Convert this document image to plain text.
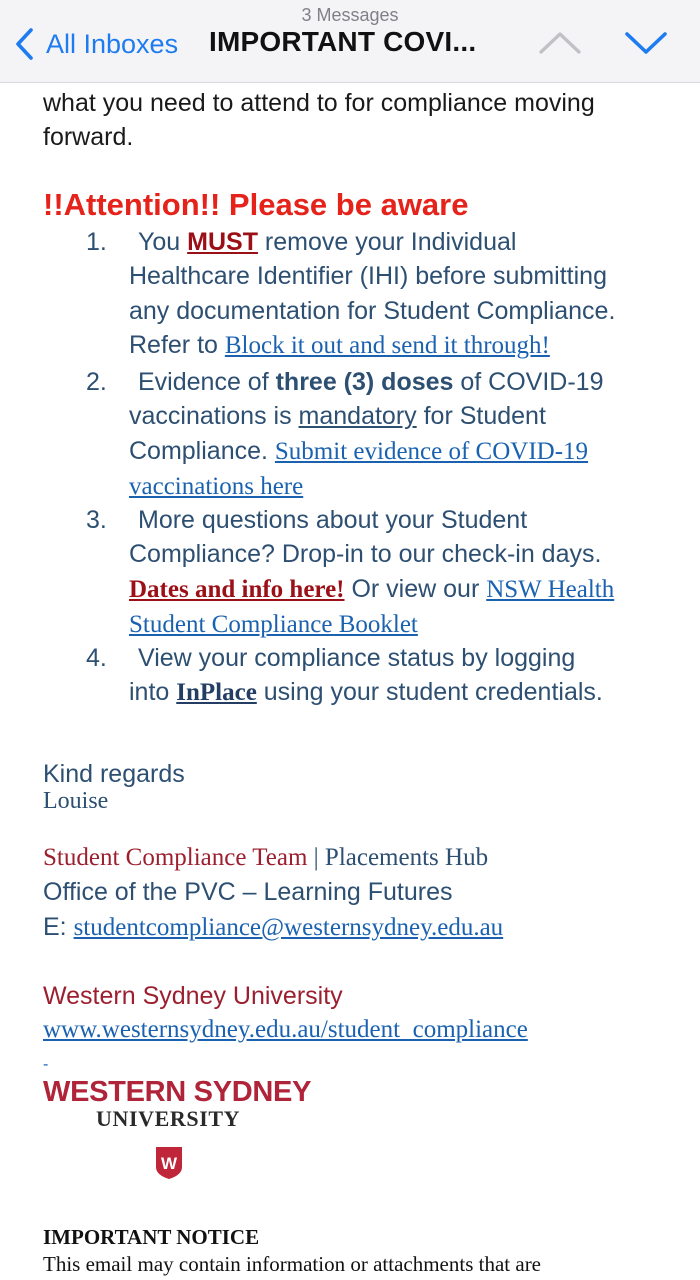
3 Messages
All Inboxes IMPORTANT COVI...
what you need to attend to for compliance moving
forward.
!!Attention!! Please be aware
1.	You MUST remove your Individual
Healthcare Identifier (IHI) before submitting
any documentation for Student Compliance.
Refer to Block it out and send it through!
2.	Evidence of three (3) doses of COVID-19
vaccinations is mandatory for Student
Compliance. Submit evidence of COVID-19
vaccinations here
3.	More questions about your Student
Compliance? Drop-in to our check-in days.
Dates and info here! Or view our NSW Health
Student Compliance Booklet
4.	View your compliance status by logging
into InPlace using your student credentials.
Kind regards
Louise
Student Compliance Team | Placements Hub
Office of the PVC – Learning Futures
E: studentcompliance@westernsydney.edu.au
Western Sydney University
www.westernsydney.edu.au/student_compliance
-
WESTERN SYDNEY
UNIVERSITY
W
IMPORTANT NOTICE
This email may contain information or attachments that are
